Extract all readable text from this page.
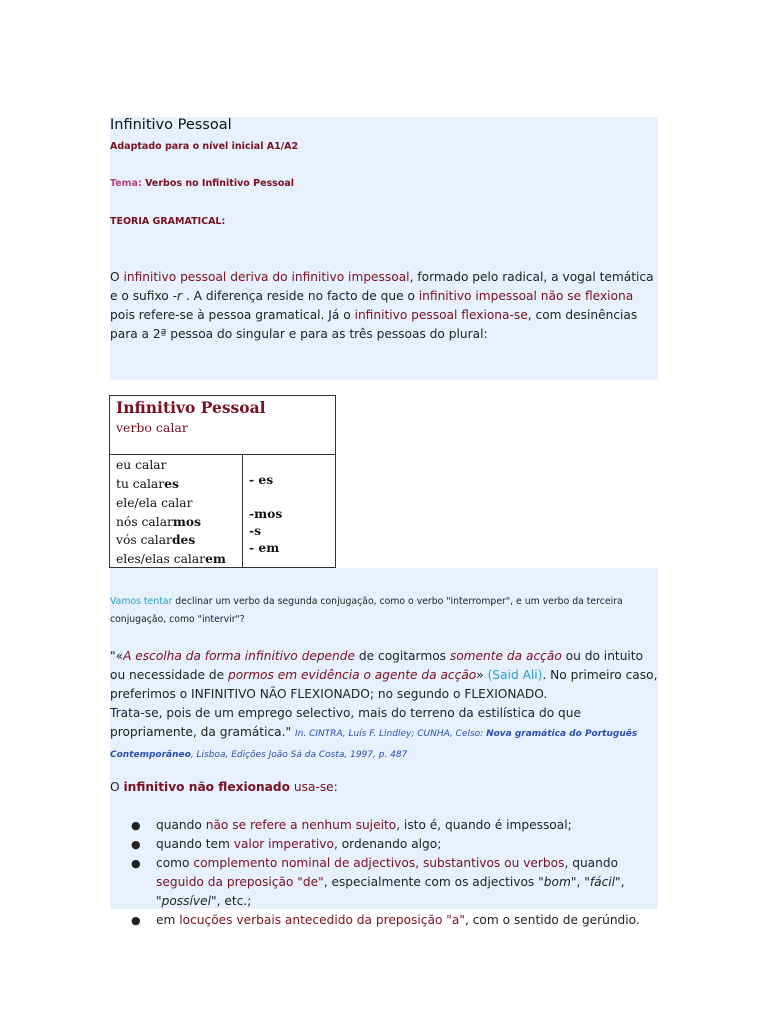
Infinitivo Pessoal
Adaptado para o nível inicial A1/A2
Tema: Verbos no Infinitivo Pessoal
TEORIA GRAMATICAL:
O infinitivo pessoal deriva do infinitivo impessoal, formado pelo radical, a vogal temática e o sufixo -r . A diferença reside no facto de que o infinitivo impessoal não se flexiona pois refere-se à pessoa gramatical. Já o infinitivo pessoal flexiona-se, com desinências para a 2ª pessoa do singular e para as três pessoas do plural:
Infinitivo Pessoal
verbo calar
eu calar
tu calares
ele/ela calar
nós calarmos
vós calardes
eles/elas calarem
- es
-mos
-s
- em
Vamos tentar declinar um verbo da segunda conjugação, como o verbo "interromper", e um verbo da terceira conjugação, como "intervir"?
"«A escolha da forma infinitivo depende de cogitarmos somente da acção ou do intuito ou necessidade de pormos em evidência o agente da acção» (Said Ali). No primeiro caso, preferimos o INFINITIVO NÃO FLEXIONADO; no segundo o FLEXIONADO.
Trata-se, pois de um emprego selectivo, mais do terreno da estilística do que propriamente, da gramática." In. CINTRA, Luís F. Lindley; CUNHA, Celso: Nova gramática do Português Contemporâneo, Lisboa, Edições João Sá da Costa, 1997, p. 487
O infinitivo não flexionado usa-se:
● quando não se refere a nenhum sujeito, isto é, quando é impessoal;
● quando tem valor imperativo, ordenando algo;
● como complemento nominal de adjectivos, substantivos ou verbos, quando seguido da preposição "de", especialmente com os adjectivos "bom", "fácil", "possível", etc.;
● em locuções verbais antecedido da preposição "a", com o sentido de gerúndio.
